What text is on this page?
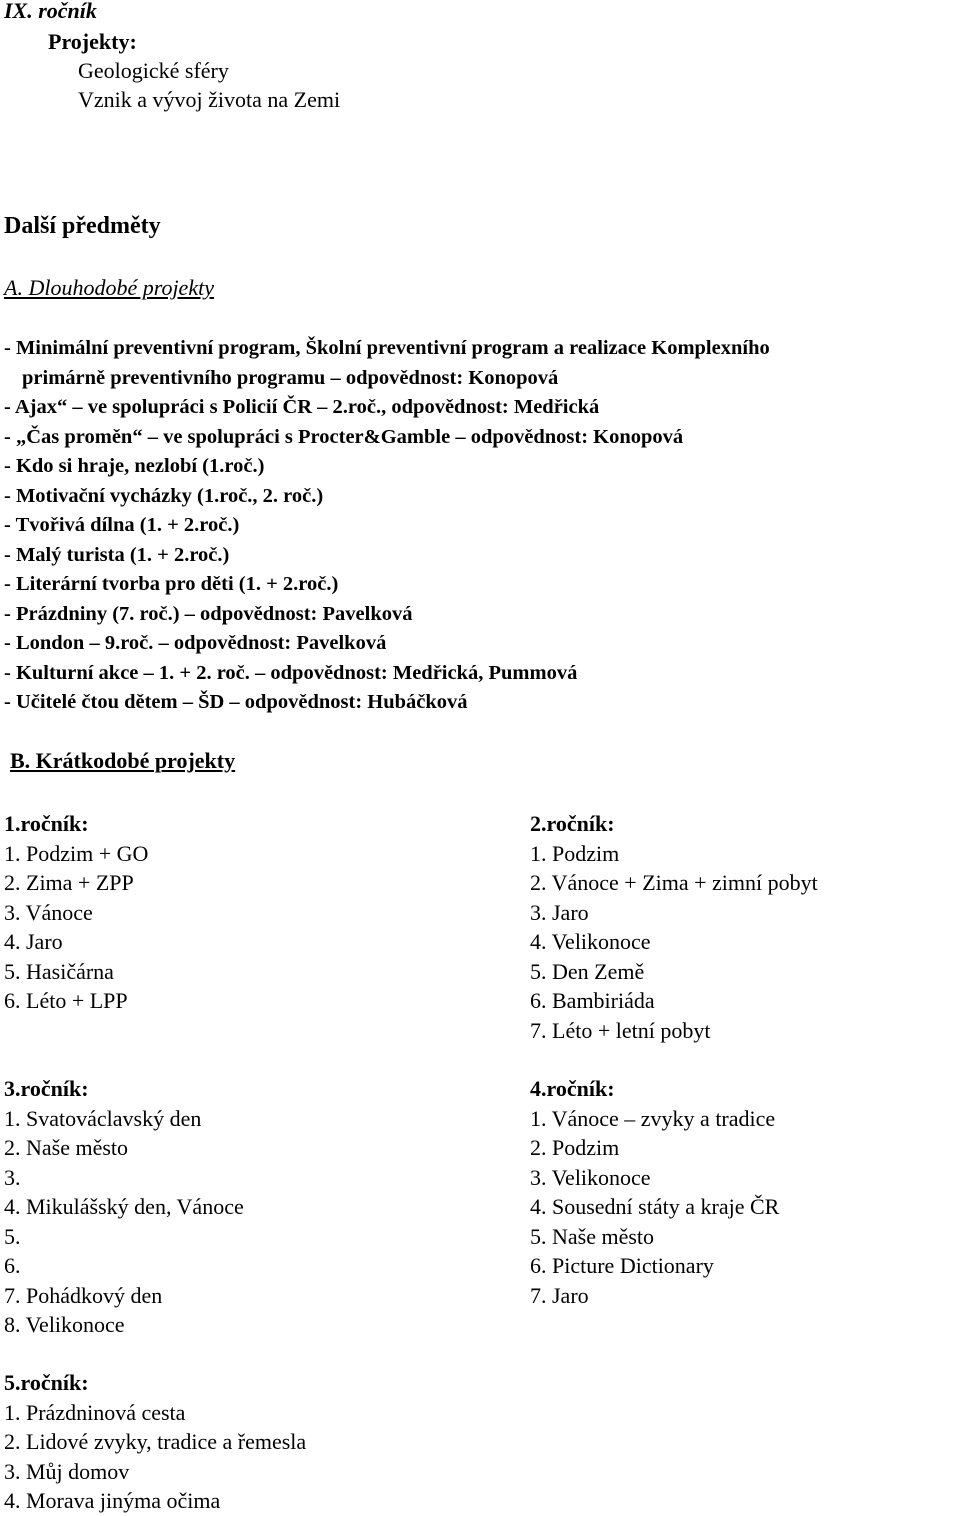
IX. ročník
Projekty:
Geologické sféry
Vznik a vývoj života na Zemi
Další předměty
A. Dlouhodobé projekty
- Minimální preventivní program, Školní preventivní program a realizace Komplexního
primárně preventivního programu – odpovědnost: Konopová
- Ajax“ – ve spolupráci s Policií ČR – 2.roč., odpovědnost: Medřická
- „Čas proměn“ – ve spolupráci s Procter&Gamble – odpovědnost: Konopová
- Kdo si hraje, nezlobí (1.roč.)
- Motivační vycházky (1.roč., 2. roč.)
- Tvořivá dílna (1. + 2.roč.)
- Malý turista (1. + 2.roč.)
- Literární tvorba pro děti (1. + 2.roč.)
- Prázdniny (7. roč.) – odpovědnost: Pavelková
- London – 9.roč. – odpovědnost: Pavelková
- Kulturní akce – 1. + 2. roč. – odpovědnost: Medřická, Pummová
- Učitelé čtou dětem – ŠD – odpovědnost: Hubáčková
B. Krátkodobé projekty
1.ročník:
1. Podzim + GO
2. Zima + ZPP
3. Vánoce
4. Jaro
5. Hasičárna
6. Léto + LPP
2.ročník:
1. Podzim
2. Vánoce + Zima + zimní pobyt
3. Jaro
4. Velikonoce
5. Den Země
6. Bambiriáda
7. Léto + letní pobyt
3.ročník:
1. Svatováclavský den
2. Naše město
3.
4. Mikulášský den, Vánoce
5.
6.
7. Pohádkový den
8. Velikonoce
4.ročník:
1. Vánoce – zvyky a tradice
2. Podzim
3. Velikonoce
4. Sousední státy a kraje ČR
5. Naše město
6. Picture Dictionary
7. Jaro
5.ročník:
1. Prázdninová cesta
2. Lidové zvyky, tradice a řemesla
3. Můj domov
4. Morava jinýma očima
